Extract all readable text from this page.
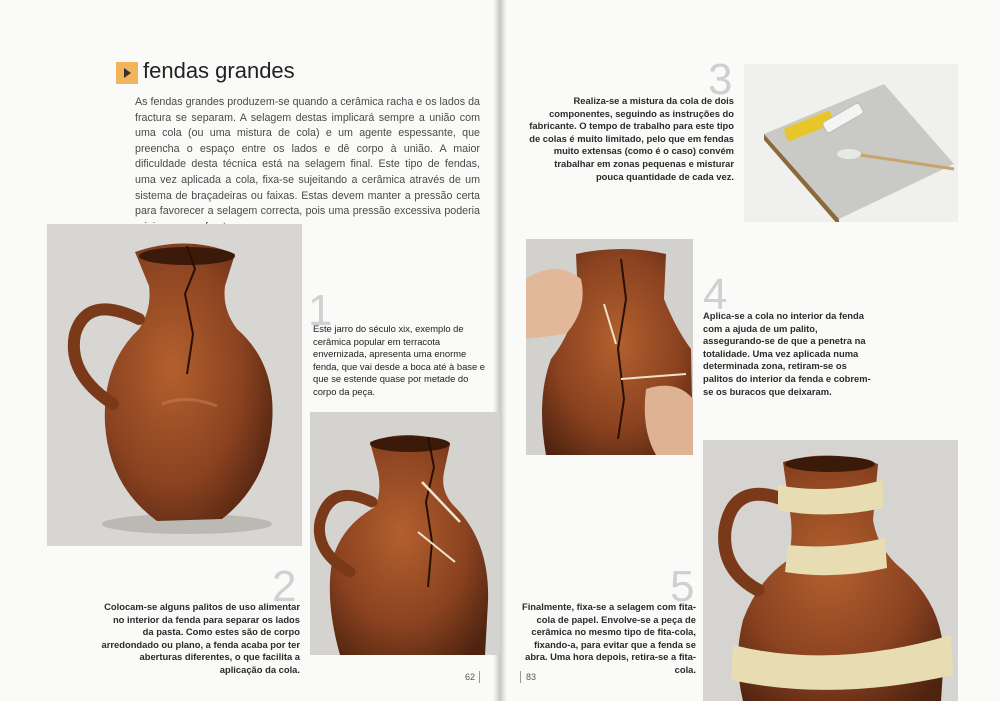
fendas grandes
As fendas grandes produzem-se quando a cerâmica racha e os lados da fractura se separam. A selagem destas implicará sempre a união com uma cola (ou uma mistura de cola) e um agente espessante, que preencha o espaço entre os lados e dê corpo à união. A maior dificuldade desta técnica está na selagem final. Este tipo de fendas, uma vez aplicada a cola, fixa-se sujeitando a cerâmica através de um sistema de braçadeiras ou faixas. Estas devem manter a pressão certa para favorecer a selagem correcta, pois uma pressão excessiva poderia
1
Este jarro do século xix, exemplo de cerâmica popular em terracota envernizada, apresenta uma enorme fenda, que vai desde a boca até à base e que se estende quase por metade do corpo da peça.
2
Colocam-se alguns palitos de uso alimentar no interior da fenda para separar os lados da pasta. Como estes são de corpo arredondado ou plano, a fenda acaba por ter aberturas diferentes, o que facilita a aplicação da cola.
62
3
Realiza-se a mistura da cola de dois componentes, seguindo as instruções do fabricante. O tempo de trabalho para este tipo de colas é muito limitado, pelo que em fendas muito extensas (como é o caso) convém trabalhar em zonas pequenas e misturar pouca quantidade de cada vez.
4
Aplica-se a cola no interior da fenda com a ajuda de um palito, assegurando-se de que a penetra na totalidade. Uma vez aplicada numa determinada zona, retiram-se os palitos do interior da fenda e cobrem-se os buracos que deixaram.
5
Finalmente, fixa-se a selagem com fita-cola de papel. Envolve-se a peça de cerâmica no mesmo tipo de fita-cola, fixando-a, para evitar que a fenda se abra. Uma hora depois, retira-se a fita-cola.
83
